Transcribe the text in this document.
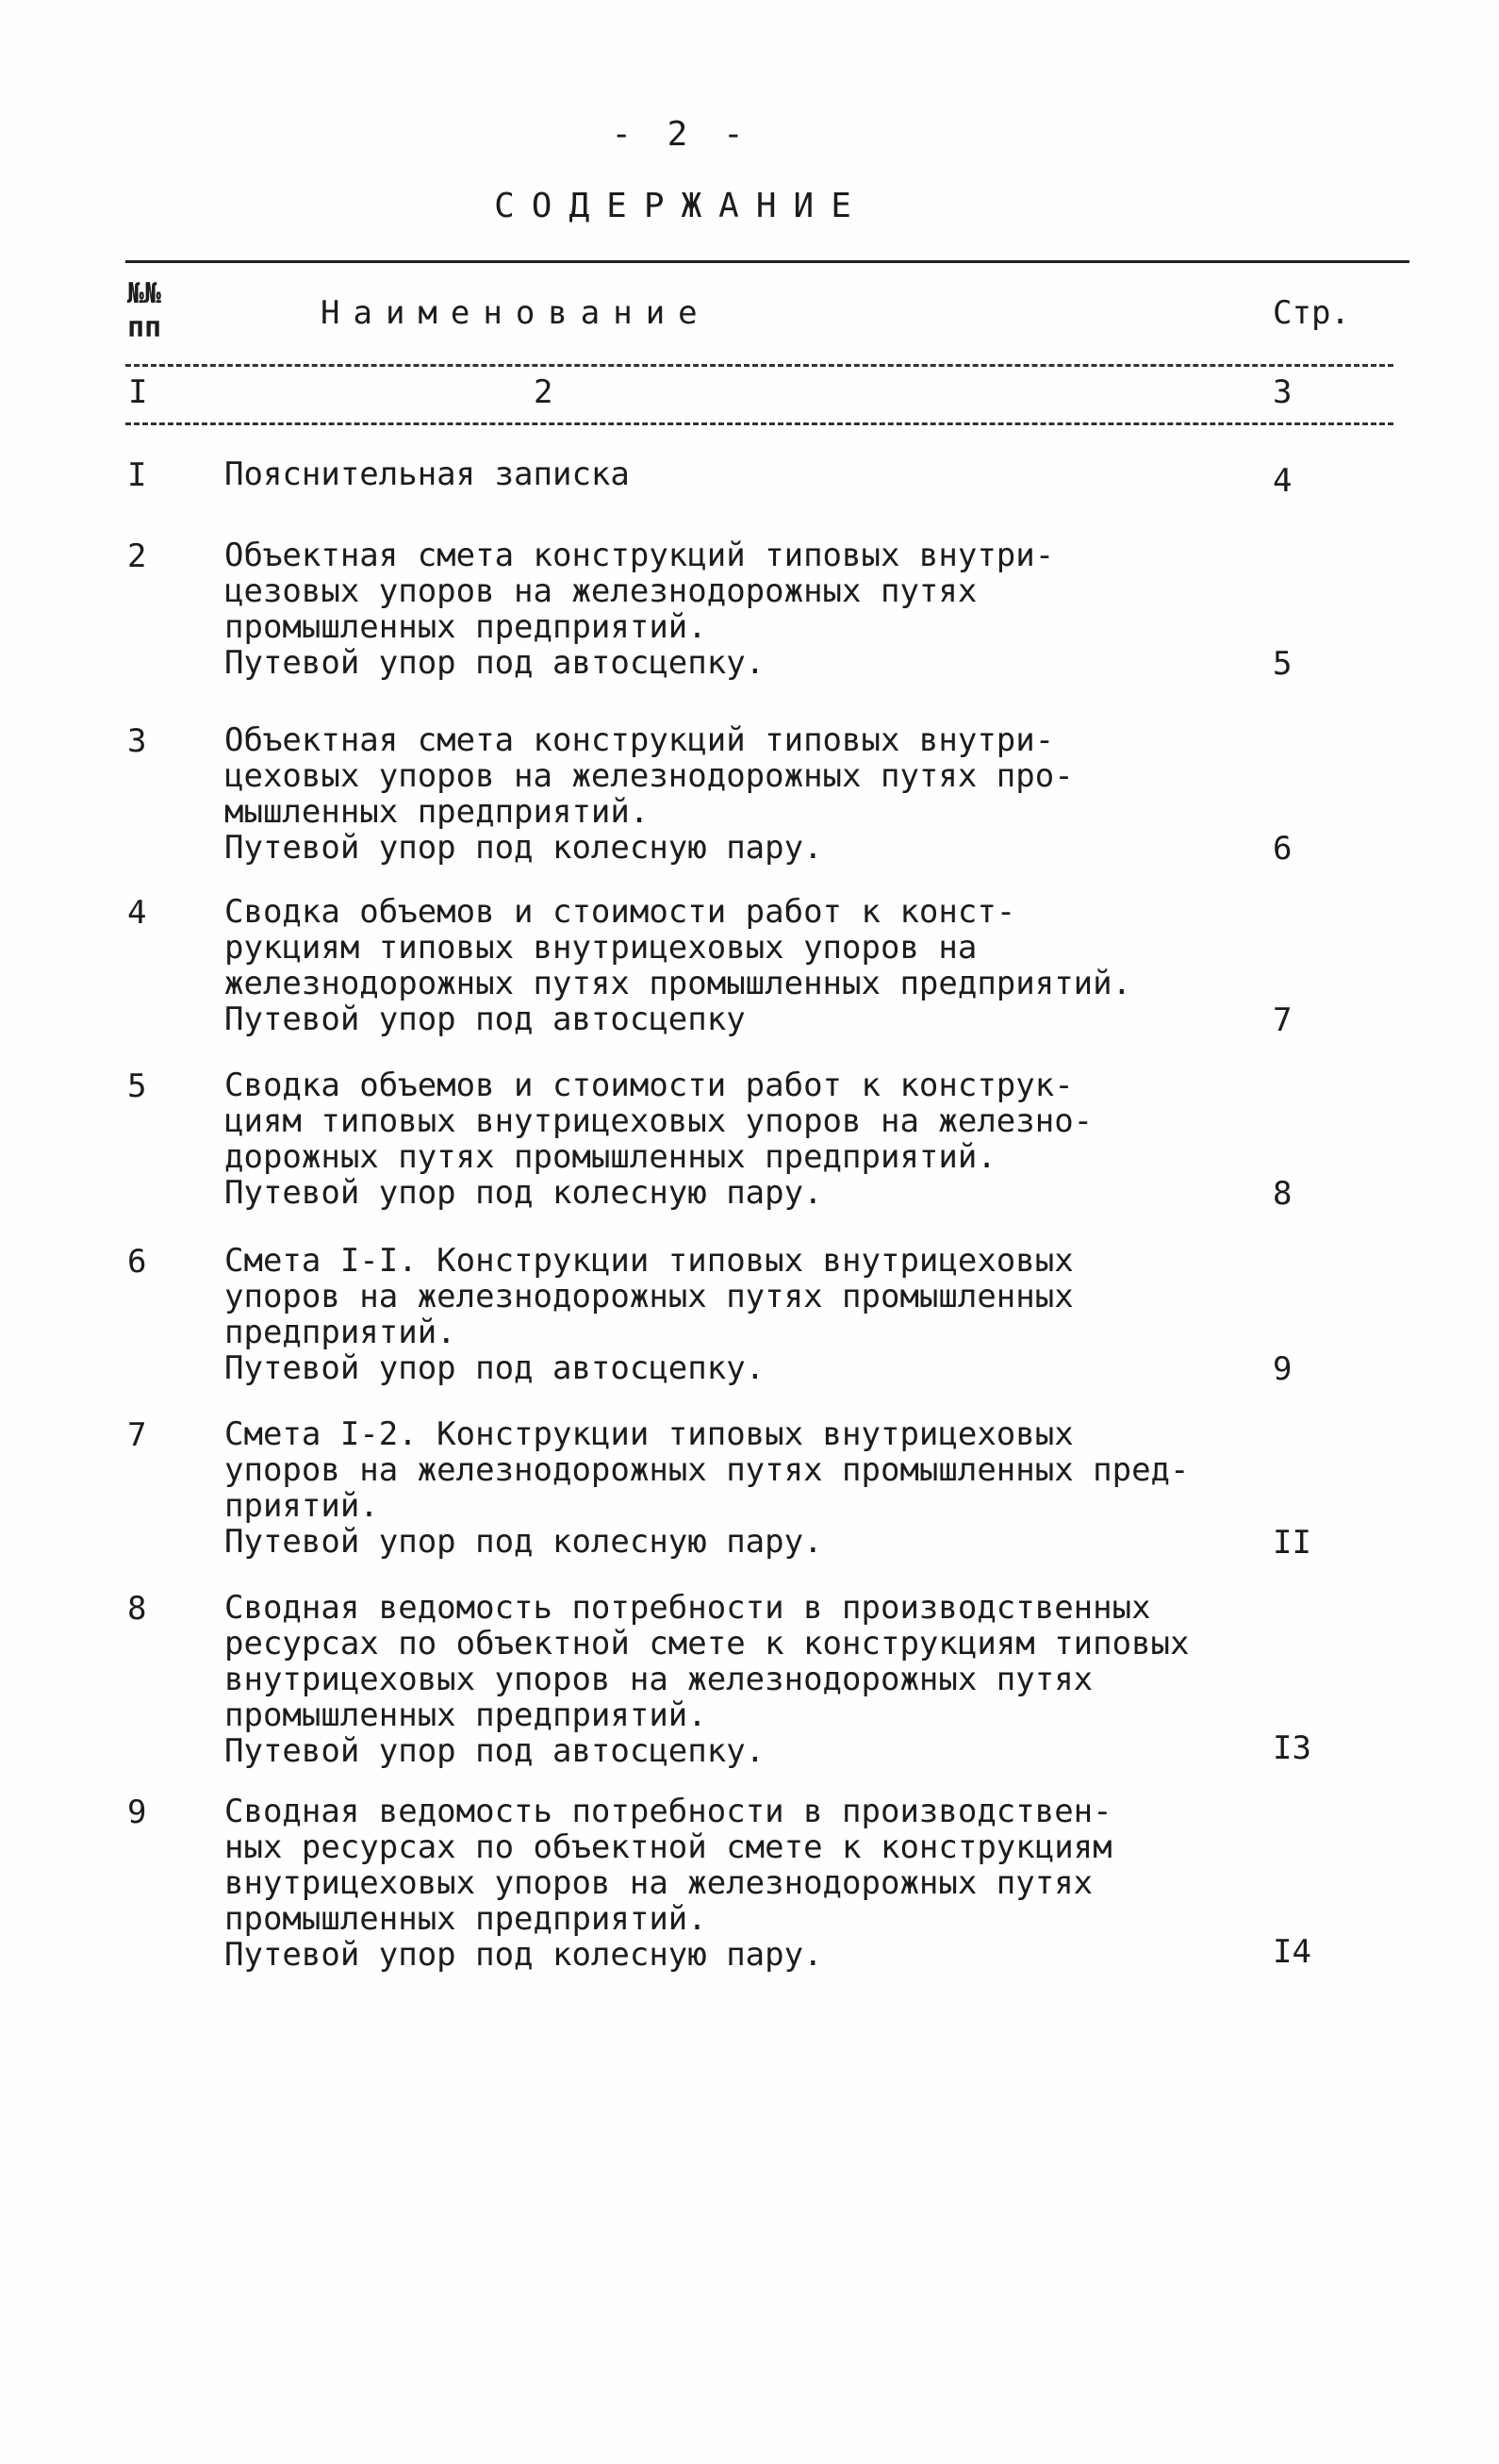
- 2 -
СОДЕРЖАНИЕ
№№
пп	Наименование	Стр.
I	2	3
I Пояснительная записка	4
2 Объектная смета конструкций типовых внутри-
цезовых упоров на железнодорожных путях
промышленных предприятий.
Путевой упор под автосцепку.	5
3 Объектная смета конструкций типовых внутри-
цеховых упоров на железнодорожных путях про-
мышленных предприятий.
Путевой упор под колесную пару.	6
4 Сводка объемов и стоимости работ к конст-
рукциям типовых внутрицеховых упоров на
железнодорожных путях промышленных предприятий.
Путевой упор под автосцепку	7
5 Сводка объемов и стоимости работ к конструк-
циям типовых внутрицеховых упоров на железно-
дорожных путях промышленных предприятий.
Путевой упор под колесную пару.	8
6 Смета I-I. Конструкции типовых внутрицеховых
упоров на железнодорожных путях промышленных
предприятий.
Путевой упор под автосцепку.	9
7 Смета I-2. Конструкции типовых внутрицеховых
упоров на железнодорожных путях промышленных пред-
приятий.
Путевой упор под колесную пару.	II
8 Сводная ведомость потребности в производственных
ресурсах по объектной смете к конструкциям типовых
внутрицеховых упоров на железнодорожных путях
промышленных предприятий.
Путевой упор под автосцепку.	I3
9 Сводная ведомость потребности в производствен-
ных ресурсах по объектной смете к конструкциям
внутрицеховых упоров на железнодорожных путях
промышленных предприятий.
Путевой упор под колесную пару.	I4
